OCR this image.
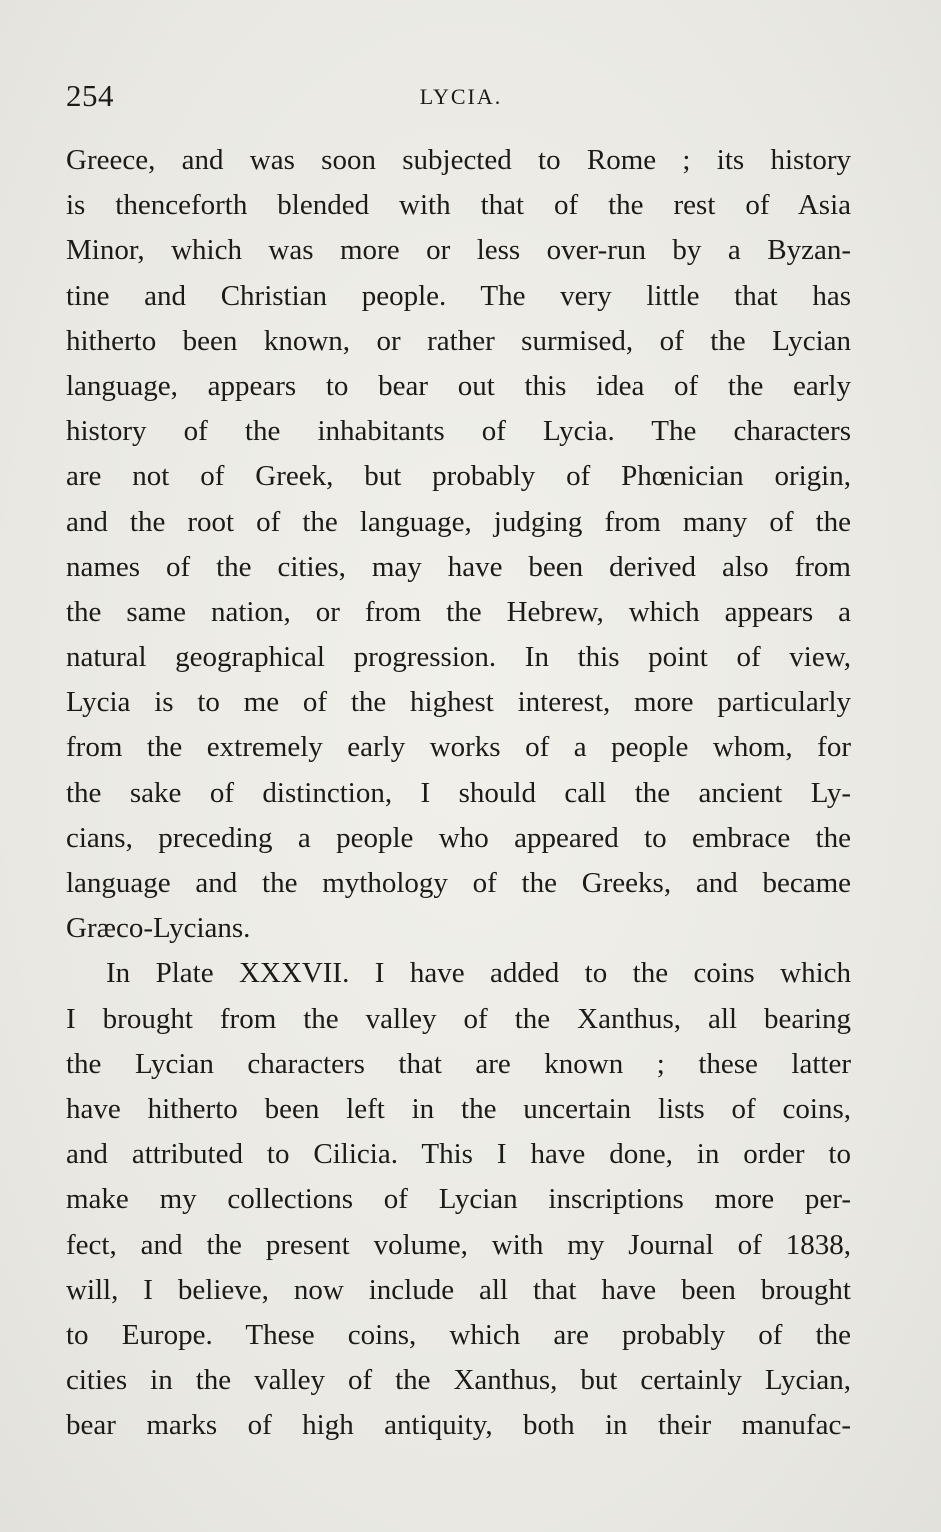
254	LYCIA.
Greece, and was soon subjected to Rome ; its history
is thenceforth blended with that of the rest of Asia
Minor, which was more or less over-run by a Byzan-
tine and Christian people. The very little that has
hitherto been known, or rather surmised, of the Lycian
language, appears to bear out this idea of the early
history of the inhabitants of Lycia. The characters
are not of Greek, but probably of Phœnician origin,
and the root of the language, judging from many of the
names of the cities, may have been derived also from
the same nation, or from the Hebrew, which appears a
natural geographical progression. In this point of view,
Lycia is to me of the highest interest, more particularly
from the extremely early works of a people whom, for
the sake of distinction, I should call the ancient Ly-
cians, preceding a people who appeared to embrace the
language and the mythology of the Greeks, and became
Græco-Lycians.
In Plate XXXVII. I have added to the coins which
I brought from the valley of the Xanthus, all bearing
the Lycian characters that are known ; these latter
have hitherto been left in the uncertain lists of coins,
and attributed to Cilicia. This I have done, in order to
make my collections of Lycian inscriptions more per-
fect, and the present volume, with my Journal of 1838,
will, I believe, now include all that have been brought
to Europe. These coins, which are probably of the
cities in the valley of the Xanthus, but certainly Lycian,
bear marks of high antiquity, both in their manufac-
